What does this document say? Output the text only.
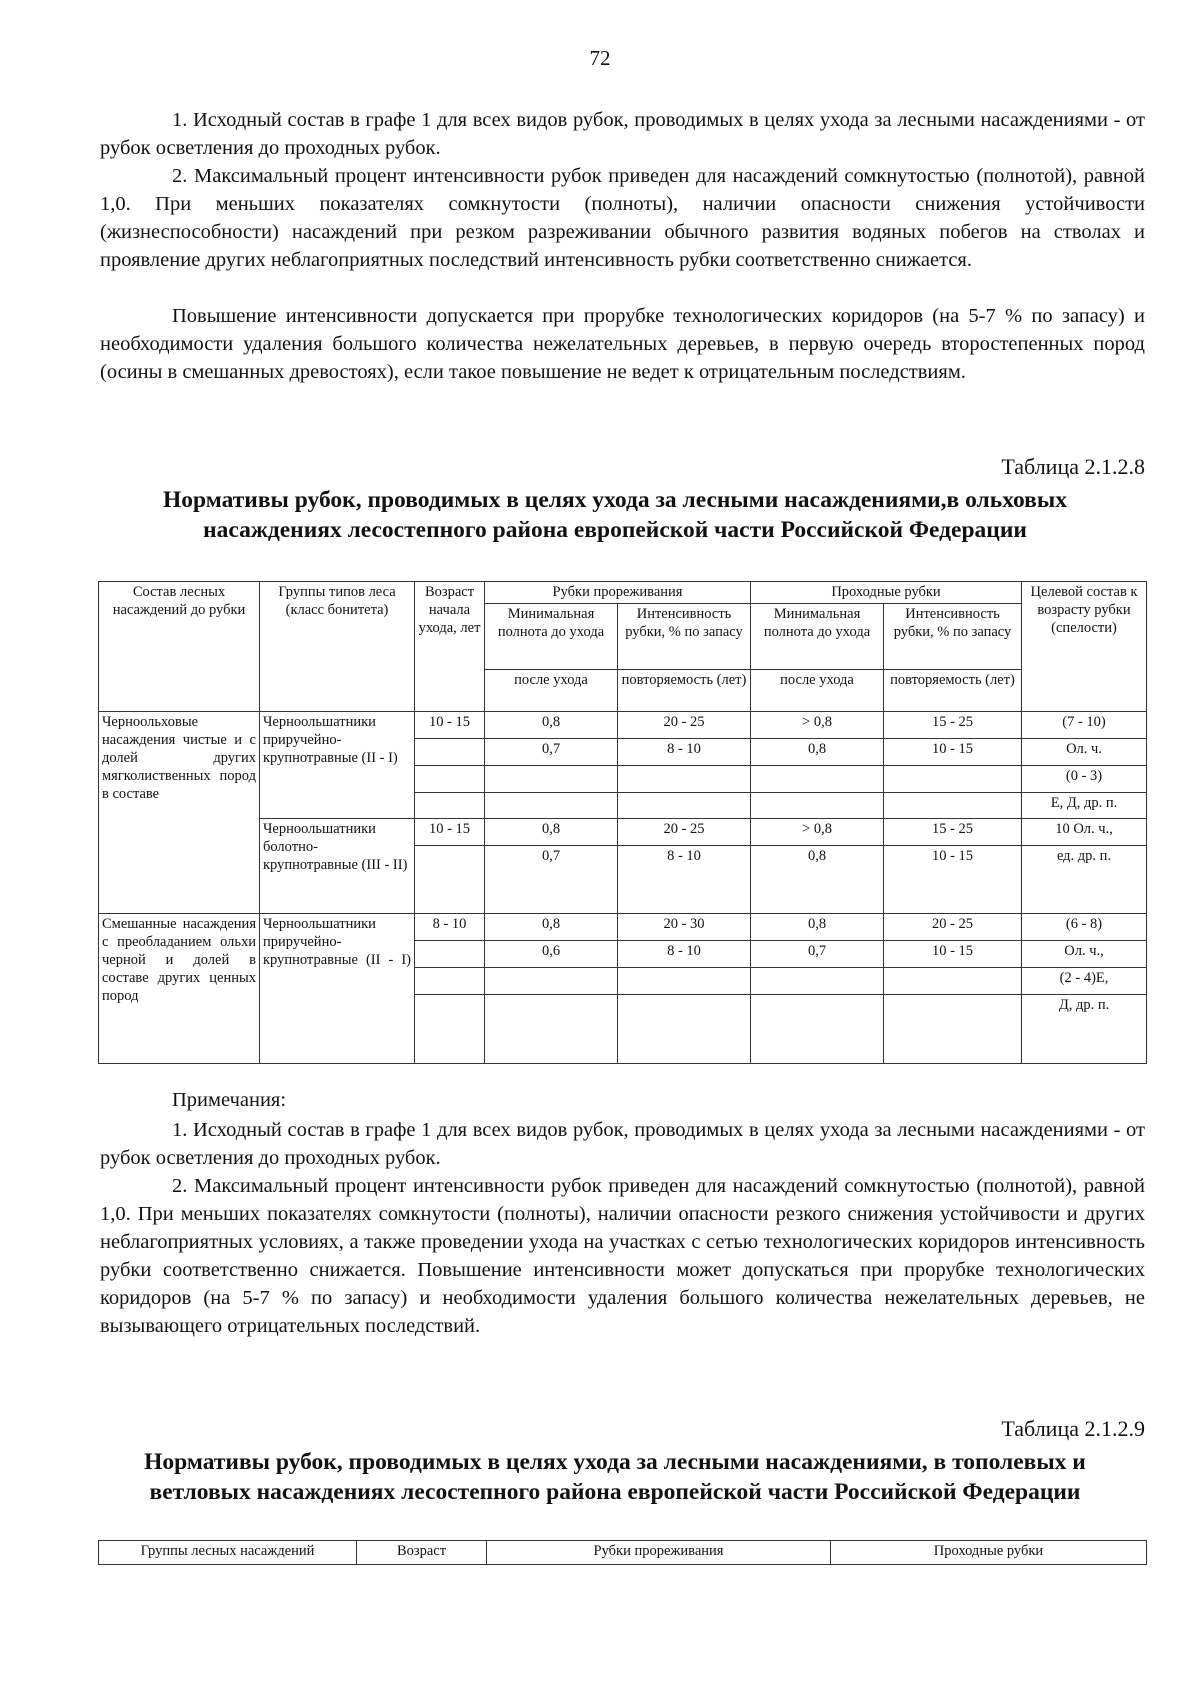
72

1. Исходный состав в графе 1 для всех видов рубок, проводимых в целях ухода за лесными насаждениями - от рубок осветления до проходных рубок.

2. Максимальный процент интенсивности рубок приведен для насаждений сомкнутостью (полнотой), равной 1,0. При меньших показателях сомкнутости (полноты), наличии опасности снижения устойчивости (жизнеспособности) насаждений при резком разреживании обычного развития водяных побегов на стволах и проявление других неблагоприятных последствий интенсивность рубки соответственно снижается.

Повышение интенсивности допускается при прорубке технологических коридоров (на 5-7 % по запасу) и необходимости удаления большого количества нежелательных деревьев, в первую очередь второстепенных пород (осины в смешанных древостоях), если такое повышение не ведет к отрицательным последствиям.

Таблица 2.1.2.8

Нормативы рубок, проводимых в целях ухода за лесными насаждениями,в ольховых насаждениях лесостепного района европейской части Российской Федерации

Состав лесных насаждений до рубки	Группы типов леса (класс бонитета)	Возраст начала ухода, лет	Рубки прореживания		Проходные рубки		Целевой состав к возрасту рубки (спелости)
			Минимальная полнота до ухода	Интенсивность рубки, % по запасу	Минимальная полнота до ухода	Интенсивность рубки, % по запасу	
			после ухода	повторяемость (лет)	после ухода	повторяемость (лет)	
Черноольховые насаждения чистые и с долей других мягколиственных пород в составе	Черноольшатники приручейно-крупнотравные (II - I)	10 - 15	0,8	20 - 25	> 0,8	15 - 25	(7 - 10)
			0,7	8 - 10	0,8	10 - 15	Ол. ч.
							(0 - 3)
							Е, Д, др. п.
	Черноольшатники болотно-крупнотравные (III - II)	10 - 15	0,8	20 - 25	> 0,8	15 - 25	10 Ол. ч.,
			0,7	8 - 10	0,8	10 - 15	ед. др. п.
Смешанные насаждения с преобладанием ольхи черной и долей в составе других ценных пород	Черноольшатники приручейно-крупнотравные (II - I)	8 - 10	0,8	20 - 30	0,8	20 - 25	(6 - 8)
			0,6	8 - 10	0,7	10 - 15	Ол. ч.,
							(2 - 4)Е,
							Д, др. п.
Примечания:

1. Исходный состав в графе 1 для всех видов рубок, проводимых в целях ухода за лесными насаждениями - от рубок осветления до проходных рубок.

2. Максимальный процент интенсивности рубок приведен для насаждений сомкнутостью (полнотой), равной 1,0. При меньших показателях сомкнутости (полноты), наличии опасности резкого снижения устойчивости и других неблагоприятных условиях, а также проведении ухода на участках с сетью технологических коридоров интенсивность рубки соответственно снижается. Повышение интенсивности может допускаться при прорубке технологических коридоров (на 5-7 % по запасу) и необходимости удаления большого количества нежелательных деревьев, не вызывающего отрицательных последствий.

Таблица 2.1.2.9

Нормативы рубок, проводимых в целях ухода за лесными насаждениями, в тополевых и ветловых насаждениях лесостепного района европейской части Российской Федерации

Группы лесных насаждений	Возраст	Рубки прореживания	Проходные рубки
